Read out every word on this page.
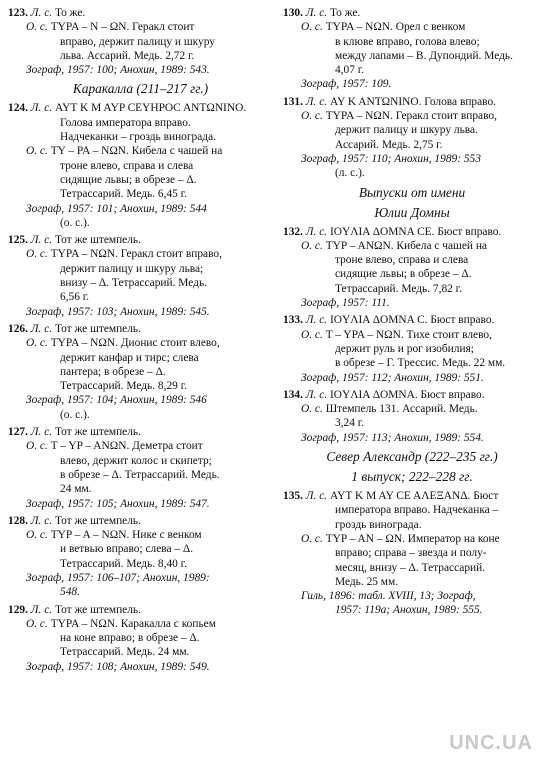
123. Л. с. То же.
О. с. ТYPA – N – ΩN. Геракл стоит
вправо, держит палицу и шкуру
льва. Ассарий. Медь. 2,72 г.
Зограф, 1957: 100; Анохин, 1989: 543.
Каракалла (211–217 гг.)
124. Л. с. AYT K M AYP CEYHPOC ANTΩNINO.
Голова императора вправо.
Надчеканки – гроздь винограда.
О. с. TY – PA – NΩN. Кибела с чашей на
троне влево, справа и слева
сидящие львы; в обрезе – Δ.
Тетрассарий. Медь. 6,45 г.
Зограф, 1957: 101; Анохин, 1989: 544
(о. с.).
125. Л. с. Тот же штемпель.
О. с. TYPA – NΩN. Геракл стоит вправо,
держит палицу и шкуру льва;
внизу – Δ. Тетрассарий. Медь.
6,56 г.
Зограф, 1957: 103; Анохин, 1989: 545.
126. Л. с. Тот же штемпель.
О. с. TYPA – NΩN. Дионис стоит влево,
держит канфар и тирс; слева
пантера; в обрезе – Δ.
Тетрассарий. Медь. 8,29 г.
Зограф, 1957: 104; Анохин, 1989: 546
(о. с.).
127. Л. с. Тот же штемпель.
О. с. T – YP – ANΩN. Деметра стоит
влево, держит колос и скипетр;
в обрезе – Δ. Тетрассарий. Медь.
24 мм.
Зограф, 1957: 105; Анохин, 1989: 547.
128. Л. с. Тот же штемпель.
О. с. TYP – A – NΩN. Нике с венком
и ветвью вправо; слева – Δ.
Тетрассарий. Медь. 8,40 г.
Зограф, 1957: 106–107; Анохин, 1989:
548.
129. Л. с. Тот же штемпель.
О. с. TYPA – NΩN. Каракалла с копьем
на коне вправо; в обрезе – Δ.
Тетрассарий. Медь. 24 мм.
Зограф, 1957: 108; Анохин, 1989: 549.
130. Л. с. То же.
О. с. TYPA – NΩN. Орел с венком
в клюве вправо, голова влево;
между лапами – В. Дупондий. Медь.
4,07 г.
Зограф, 1957: 109.
131. Л. с. AY K ANTΩNINO. Голова вправо.
О. с. TYPA – NΩN. Геракл стоит вправо,
держит палицу и шкуру льва.
Ассарий. Медь. 2,75 г.
Зограф, 1957: 110; Анохин, 1989: 553
(л. с.).
Выпуски от имени
Юлии Домны
132. Л. с. IOYΛIA ΔOMNA CE. Бюст вправо.
О. с. TYP – ANΩN. Кибела с чашей на
троне влево, справа и слева
сидящие львы; в обрезе – Δ.
Тетрассарий. Медь. 7,82 г.
Зограф, 1957: 111.
133. Л. с. IOYΛIA ΔOMNA C. Бюст вправо.
О. с. T – YPA – NΩN. Тихе стоит влево,
держит руль и рог изобилия;
в обрезе – Г. Трессис. Медь. 22 мм.
Зограф, 1957: 112; Анохин, 1989: 551.
134. Л. с. IOYΛIA ΔOMNA. Бюст вправо.
О. с. Штемпель 131. Ассарий. Медь.
3,24 г.
Зограф, 1957: 113; Анохин, 1989: 554.
Север Александр (222–235 гг.)
1 выпуск; 222–228 гг.
135. Л. с. AYT K M AY CE AΛEΞANΔ. Бюст
императора вправо. Надчеканка –
гроздь винограда.
О. с. TYP – AN – ΩN. Император на коне
вправо; справа – звезда и полу-
месяц, внизу – Δ. Тетрассарий.
Медь. 25 мм.
Гиль, 1896: табл. XVIII, 13; Зограф,
1957: 119а; Анохин, 1989: 555.
UNC.UA
